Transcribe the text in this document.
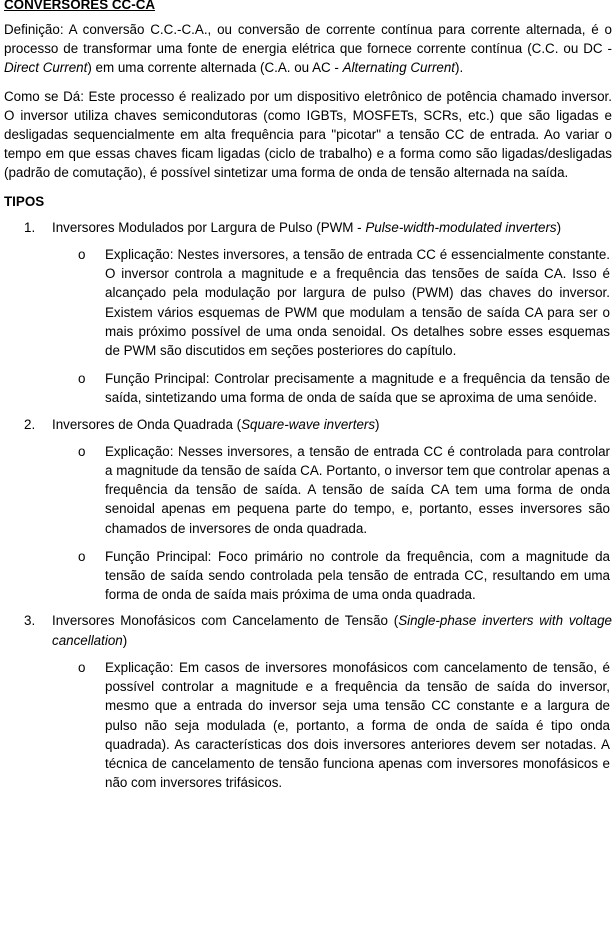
CONVERSORES CC-CA

Definição: A conversão C.C.-C.A., ou conversão de corrente contínua para corrente alternada, é o processo de transformar uma fonte de energia elétrica que fornece corrente contínua (C.C. ou DC - Direct Current) em uma corrente alternada (C.A. ou AC - Alternating Current).

Como se Dá: Este processo é realizado por um dispositivo eletrônico de potência chamado inversor. O inversor utiliza chaves semicondutoras (como IGBTs, MOSFETs, SCRs, etc.) que são ligadas e desligadas sequencialmente em alta frequência para "picotar" a tensão CC de entrada. Ao variar o tempo em que essas chaves ficam ligadas (ciclo de trabalho) e a forma como são ligadas/desligadas (padrão de comutação), é possível sintetizar uma forma de onda de tensão alternada na saída.

TIPOS
1.	Inversores Modulados por Largura de Pulso (PWM - Pulse-width-modulated inverters)
o	Explicação: Nestes inversores, a tensão de entrada CC é essencialmente constante. O inversor controla a magnitude e a frequência das tensões de saída CA. Isso é alcançado pela modulação por largura de pulso (PWM) das chaves do inversor. Existem vários esquemas de PWM que modulam a tensão de saída CA para ser o mais próximo possível de uma onda senoidal. Os detalhes sobre esses esquemas de PWM são discutidos em seções posteriores do capítulo.

o	Função Principal: Controlar precisamente a magnitude e a frequência da tensão de saída, sintetizando uma forma de onda de saída que se aproxima de uma senóide.

2.	Inversores de Onda Quadrada (Square-wave inverters)
o	Explicação: Nesses inversores, a tensão de entrada CC é controlada para controlar a magnitude da tensão de saída CA. Portanto, o inversor tem que controlar apenas a frequência da tensão de saída. A tensão de saída CA tem uma forma de onda senoidal apenas em pequena parte do tempo, e, portanto, esses inversores são chamados de inversores de onda quadrada.

o	Função Principal: Foco primário no controle da frequência, com a magnitude da tensão de saída sendo controlada pela tensão de entrada CC, resultando em uma forma de onda de saída mais próxima de uma onda quadrada.

3.	Inversores Monofásicos com Cancelamento de Tensão (Single-phase inverters with voltage cancellation)
o	Explicação: Em casos de inversores monofásicos com cancelamento de tensão, é possível controlar a magnitude e a frequência da tensão de saída do inversor, mesmo que a entrada do inversor seja uma tensão CC constante e a largura de pulso não seja modulada (e, portanto, a forma de onda de saída é tipo onda quadrada). As características dos dois inversores anteriores devem ser notadas. A técnica de cancelamento de tensão funciona apenas com inversores monofásicos e não com inversores trifásicos.
